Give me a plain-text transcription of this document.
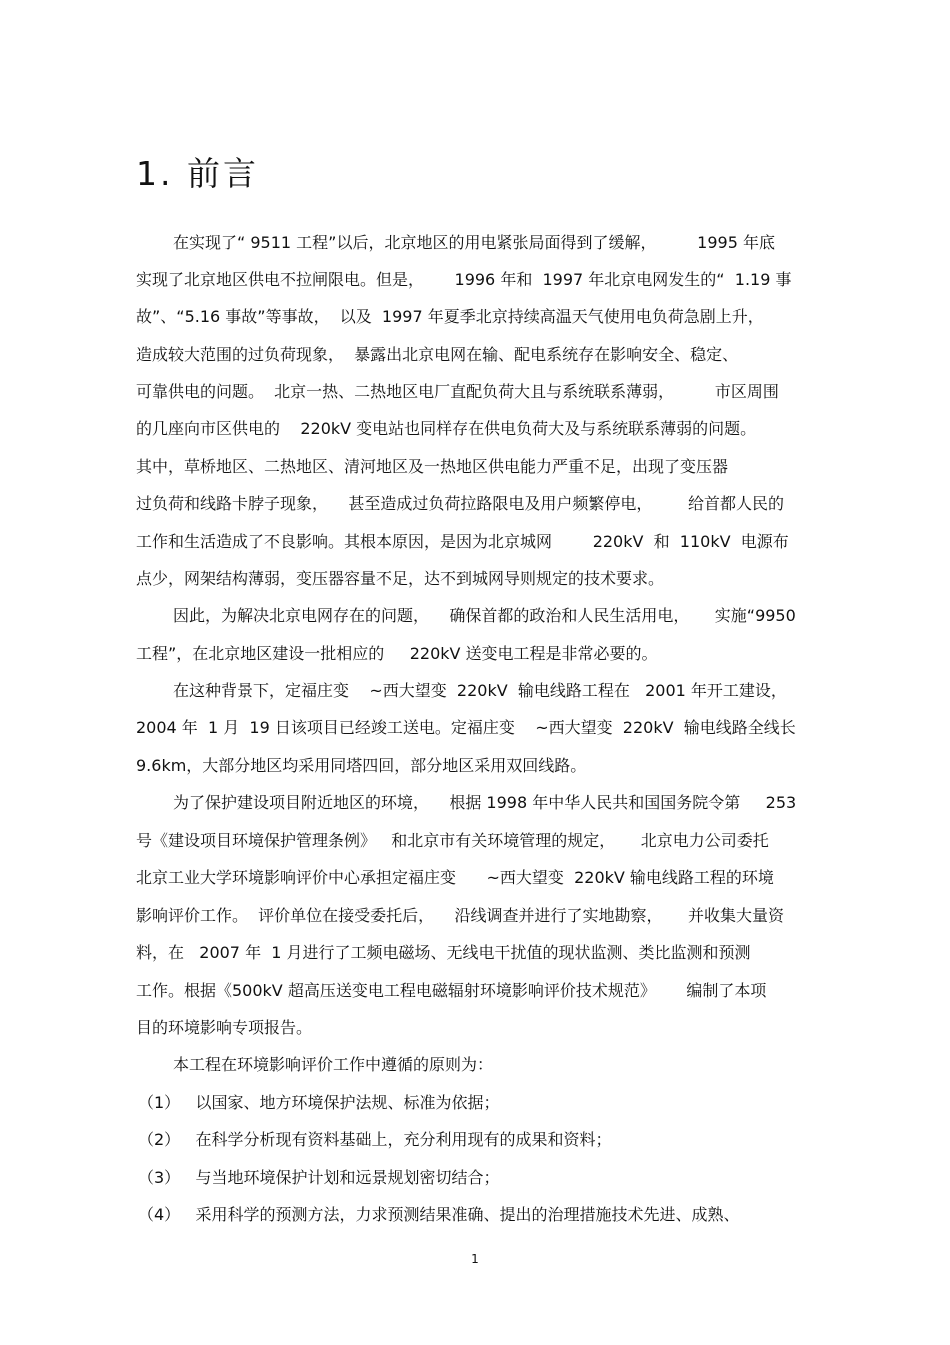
1. 前言
在实现了“ 9511 工程”以后，北京地区的用电紧张局面得到了缓解，        1995 年底
实现了北京地区供电不拉闸限电。但是，      1996 年和  1997 年北京电网发生的“  1.19 事
故”、“5.16 事故”等事故，  以及  1997 年夏季北京持续高温天气使用电负荷急剧上升，
造成较大范围的过负荷现象，  暴露出北京电网在输、配电系统存在影响安全、稳定、
可靠供电的问题。  北京一热、二热地区电厂直配负荷大且与系统联系薄弱，        市区周围
的几座向市区供电的    220kV 变电站也同样存在供电负荷大及与系统联系薄弱的问题。
其中，草桥地区、二热地区、清河地区及一热地区供电能力严重不足，出现了变压器
过负荷和线路卡脖子现象，    甚至造成过负荷拉路限电及用户频繁停电，       给首都人民的
工作和生活造成了不良影响。其根本原因，是因为北京城网        220kV  和  110kV  电源布
点少，网架结构薄弱，变压器容量不足，达不到城网导则规定的技术要求。
因此，为解决北京电网存在的问题，    确保首都的政治和人民生活用电，     实施“9950
工程”，在北京地区建设一批相应的     220kV 送变电工程是非常必要的。
在这种背景下，定福庄变    ~西大望变  220kV  输电线路工程在   2001 年开工建设，
2004 年  1 月  19 日该项目已经竣工送电。定福庄变    ~西大望变  220kV  输电线路全线长
9.6km，大部分地区均采用同塔四回，部分地区采用双回线路。
为了保护建设项目附近地区的环境，    根据 1998 年中华人民共和国国务院令第     253
号《建设项目环境保护管理条例》   和北京市有关环境管理的规定，     北京电力公司委托
北京工业大学环境影响评价中心承担定福庄变      ~西大望变  220kV 输电线路工程的环境
影响评价工作。  评价单位在接受委托后，    沿线调查并进行了实地勘察，     并收集大量资
料，在   2007 年  1 月进行了工频电磁场、无线电干扰值的现状监测、类比监测和预测
工作。根据《500kV 超高压送变电工程电磁辐射环境影响评价技术规范》      编制了本项
目的环境影响专项报告。
本工程在环境影响评价工作中遵循的原则为：
（1） 以国家、地方环境保护法规、标准为依据；
（2） 在科学分析现有资料基础上，充分利用现有的成果和资料；
（3） 与当地环境保护计划和远景规划密切结合；
（4） 采用科学的预测方法，力求预测结果准确、提出的治理措施技术先进、成熟、
1
